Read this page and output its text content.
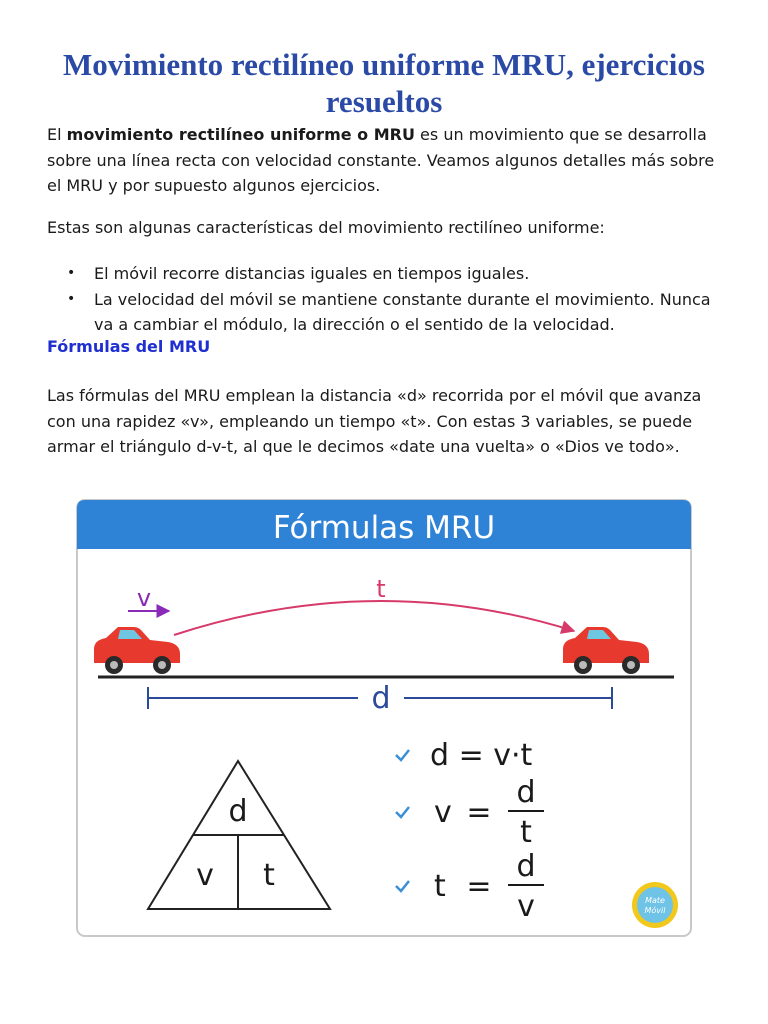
Movimiento rectilíneo uniforme MRU, ejercicios resueltos

El movimiento rectilíneo uniforme o MRU es un movimiento que se desarrolla sobre una línea recta con velocidad constante. Veamos algunos detalles más sobre el MRU y por supuesto algunos ejercicios.

Estas son algunas características del movimiento rectilíneo uniforme:

• El móvil recorre distancias iguales en tiempos iguales.
• La velocidad del móvil se mantiene constante durante el movimiento. Nunca va a cambiar el módulo, la dirección o el sentido de la velocidad.
Fórmulas del MRU

Las fórmulas del MRU emplean la distancia «d» recorrida por el móvil que avanza con una rapidez «v», empleando un tiempo «t». Con estas 3 variables, se puede armar el triángulo d-v-t, al que le decimos «date una vuelta» o «Dios ve todo».

Fórmulas MRU
v	t
d
d
v t
d = v·t
v =
d
t
t =
d
v	Mate
Móvil
